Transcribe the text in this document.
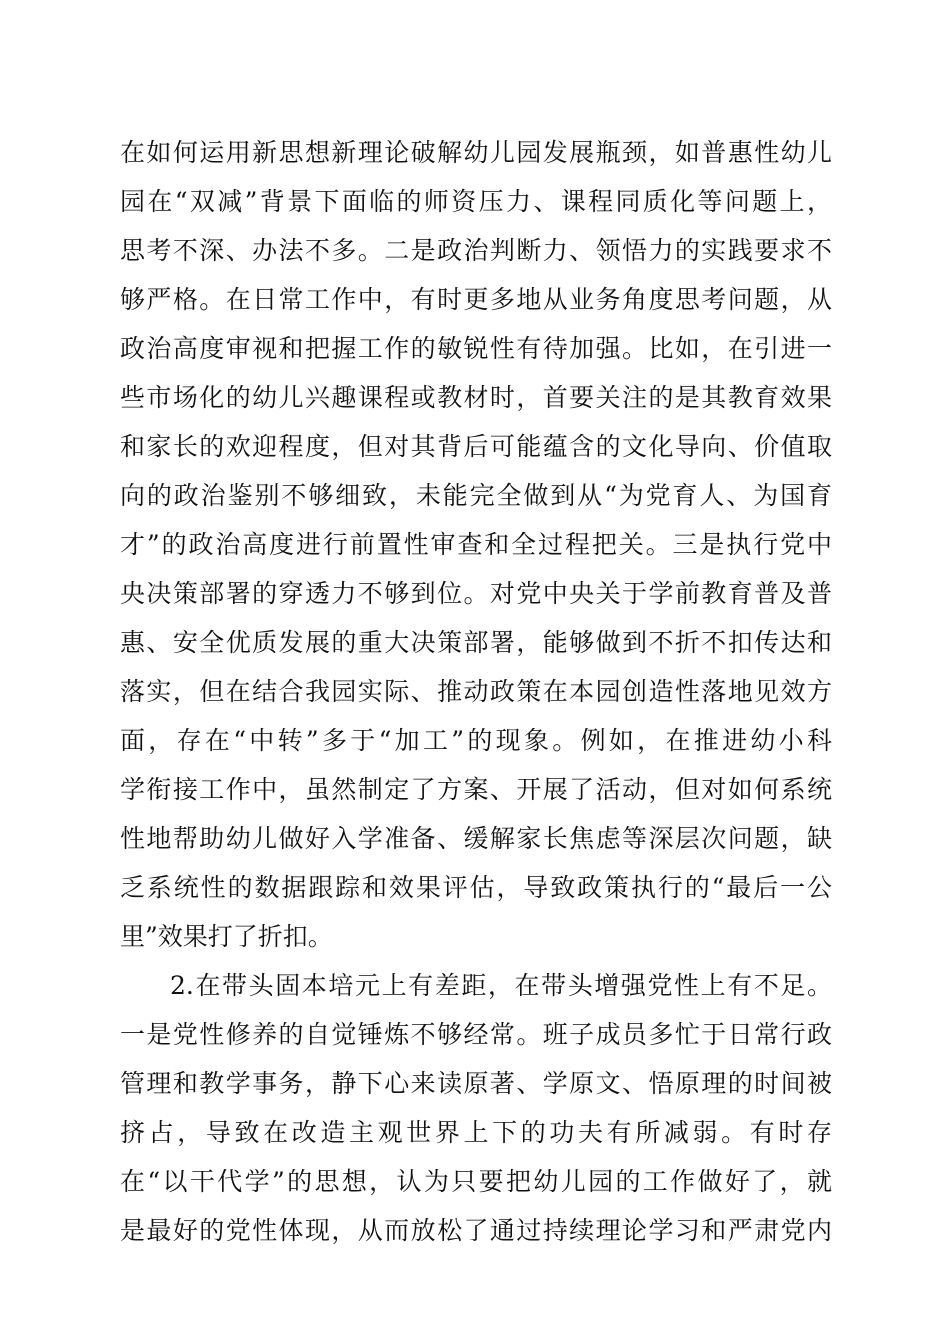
在如何运用新思想新理论破解幼儿园发展瓶颈，如普惠性幼儿
园在“双减”背景下面临的师资压力、课程同质化等问题上，
思考不深、办法不多。二是政治判断力、领悟力的实践要求不
够严格。在日常工作中，有时更多地从业务角度思考问题，从
政治高度审视和把握工作的敏锐性有待加强。比如，在引进一
些市场化的幼儿兴趣课程或教材时，首要关注的是其教育效果
和家长的欢迎程度，但对其背后可能蕴含的文化导向、价值取
向的政治鉴别不够细致，未能完全做到从“为党育人、为国育
才”的政治高度进行前置性审查和全过程把关。三是执行党中
央决策部署的穿透力不够到位。对党中央关于学前教育普及普
惠、安全优质发展的重大决策部署，能够做到不折不扣传达和
落实，但在结合我园实际、推动政策在本园创造性落地见效方
面，存在“中转”多于“加工”的现象。例如，在推进幼小科
学衔接工作中，虽然制定了方案、开展了活动，但对如何系统
性地帮助幼儿做好入学准备、缓解家长焦虑等深层次问题，缺
乏系统性的数据跟踪和效果评估，导致政策执行的“最后一公
里”效果打了折扣。
2.在带头固本培元上有差距，在带头增强党性上有不足。
一是党性修养的自觉锤炼不够经常。班子成员多忙于日常行政
管理和教学事务，静下心来读原著、学原文、悟原理的时间被
挤占，导致在改造主观世界上下的功夫有所减弱。有时存
在“以干代学”的思想，认为只要把幼儿园的工作做好了，就
是最好的党性体现，从而放松了通过持续理论学习和严肃党内
